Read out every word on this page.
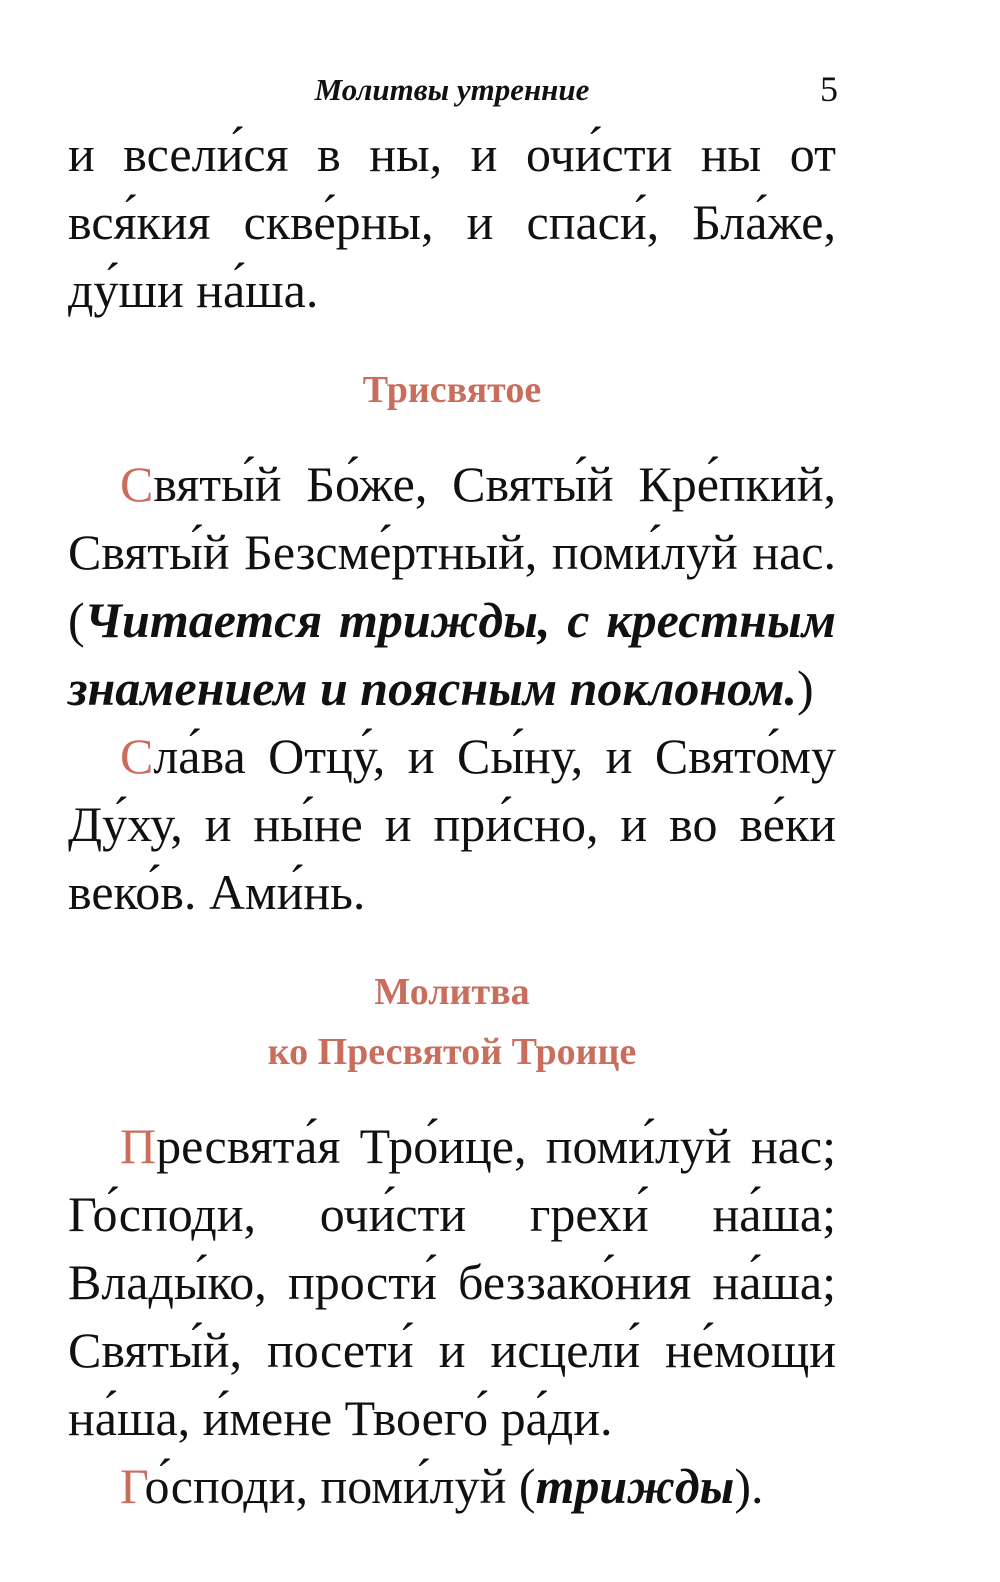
Молитвы утренние	5

и всели́ся в ны, и очи́сти ны от вся́кия скве́рны, и спаси́, Бла́же, ду́ши на́ша.

Трисвятое

Святы́й Бо́же, Святы́й Кре́пкий, Святы́й Безсме́ртный, поми́луй нас. (Читается трижды, с крестным знамением и поясным поклоном.)

Сла́ва Отцу́, и Сы́ну, и Свято́му Ду́ху, и ны́не и при́сно, и во ве́ки веко́в. Ами́нь.

Молитва

ко Пресвятой Троице

Пресвята́я Тро́ице, поми́луй нас; Го́споди, очи́сти грехи́ на́ша; Влады́ко, прости́ беззако́ния на́ша; Святы́й, посети́ и исцели́ не́мощи на́ша, и́мене Твоего́ ра́ди.

Го́споди, поми́луй (трижды).
